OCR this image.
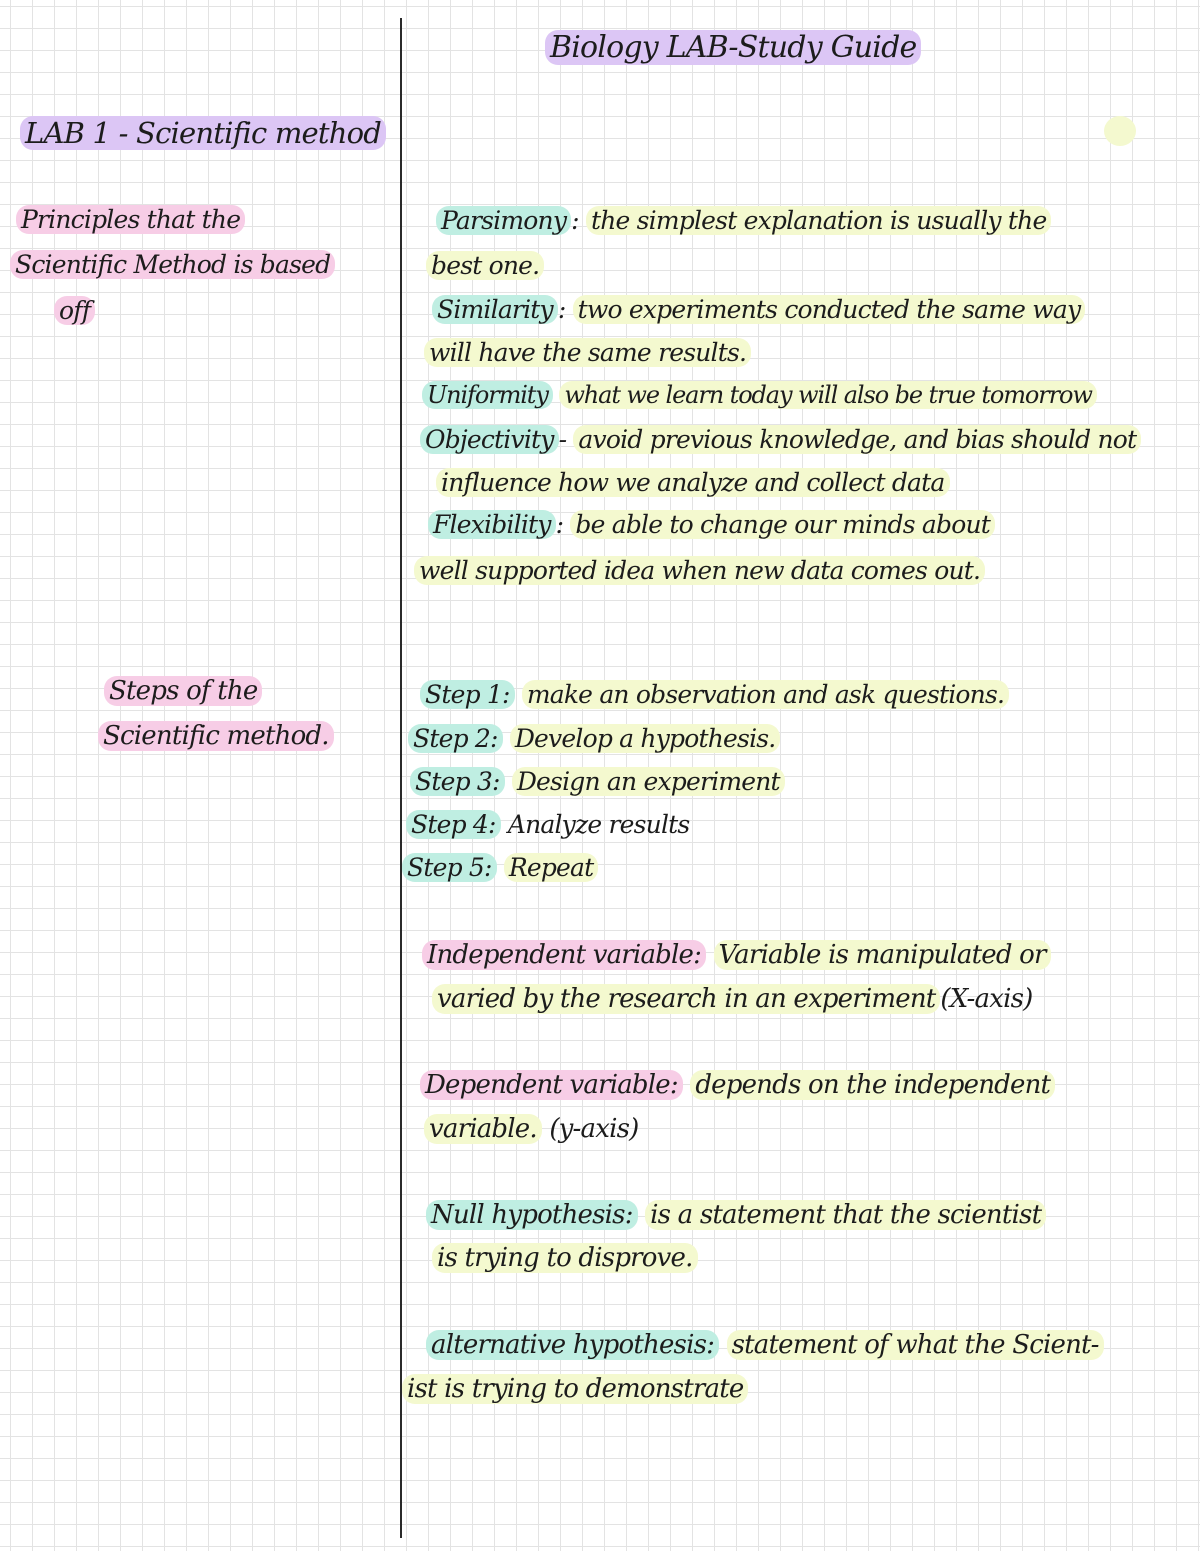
Biology LAB-Study Guide
LAB 1 - Scientific method
Principles that the
Scientific Method is based
off
Steps of the
Scientific method.
Parsimony : the simplest explanation is usually the
best one.
Similarity : two experiments conducted the same way
will have the same results.
Uniformity what we learn today will also be true tomorrow
Objectivity - avoid previous knowledge, and bias should not
influence how we analyze and collect data
Flexibility : be able to change our minds about
well supported idea when new data comes out.
Step 1: make an observation and ask questions.
Step 2: Develop a hypothesis.
Step 3: Design an experiment
Step 4: Analyze results
Step 5: Repeat
Independent variable: Variable is manipulated or
varied by the research in an experiment (X-axis)
Dependent variable: depends on the independent
variable. (y-axis)
Null hypothesis: is a statement that the scientist
is trying to disprove.
alternative hypothesis: statement of what the Scient-
ist is trying to demonstrate
